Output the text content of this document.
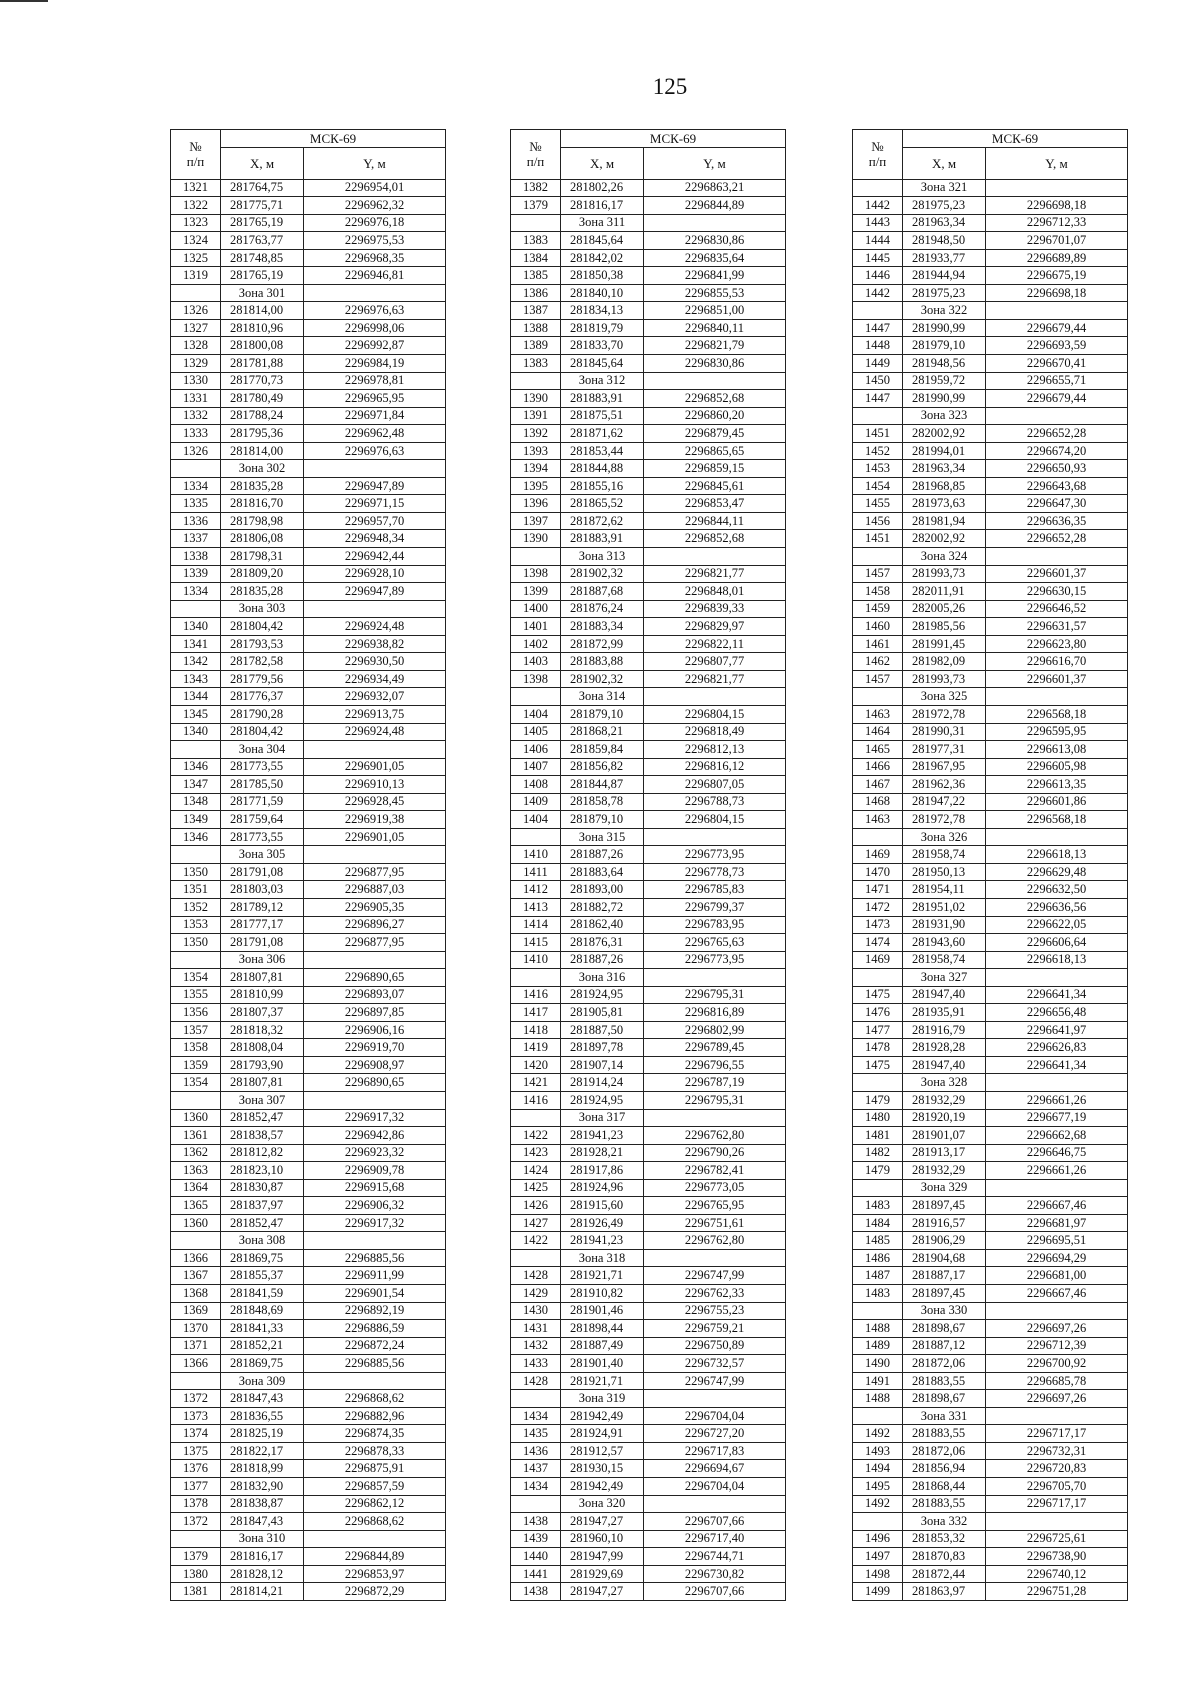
125
№
п/п	МСК-69	
	X, м	Y, м
1321	281764,75	2296954,01
1322	281775,71	2296962,32
1323	281765,19	2296976,18
1324	281763,77	2296975,53
1325	281748,85	2296968,35
1319	281765,19	2296946,81
	Зона 301	
1326	281814,00	2296976,63
1327	281810,96	2296998,06
1328	281800,08	2296992,87
1329	281781,88	2296984,19
1330	281770,73	2296978,81
1331	281780,49	2296965,95
1332	281788,24	2296971,84
1333	281795,36	2296962,48
1326	281814,00	2296976,63
	Зона 302	
1334	281835,28	2296947,89
1335	281816,70	2296971,15
1336	281798,98	2296957,70
1337	281806,08	2296948,34
1338	281798,31	2296942,44
1339	281809,20	2296928,10
1334	281835,28	2296947,89
	Зона 303	
1340	281804,42	2296924,48
1341	281793,53	2296938,82
1342	281782,58	2296930,50
1343	281779,56	2296934,49
1344	281776,37	2296932,07
1345	281790,28	2296913,75
1340	281804,42	2296924,48
	Зона 304	
1346	281773,55	2296901,05
1347	281785,50	2296910,13
1348	281771,59	2296928,45
1349	281759,64	2296919,38
1346	281773,55	2296901,05
	Зона 305	
1350	281791,08	2296877,95
1351	281803,03	2296887,03
1352	281789,12	2296905,35
1353	281777,17	2296896,27
1350	281791,08	2296877,95
	Зона 306	
1354	281807,81	2296890,65
1355	281810,99	2296893,07
1356	281807,37	2296897,85
1357	281818,32	2296906,16
1358	281808,04	2296919,70
1359	281793,90	2296908,97
1354	281807,81	2296890,65
	Зона 307	
1360	281852,47	2296917,32
1361	281838,57	2296942,86
1362	281812,82	2296923,32
1363	281823,10	2296909,78
1364	281830,87	2296915,68
1365	281837,97	2296906,32
1360	281852,47	2296917,32
	Зона 308	
1366	281869,75	2296885,56
1367	281855,37	2296911,99
1368	281841,59	2296901,54
1369	281848,69	2296892,19
1370	281841,33	2296886,59
1371	281852,21	2296872,24
1366	281869,75	2296885,56
	Зона 309	
1372	281847,43	2296868,62
1373	281836,55	2296882,96
1374	281825,19	2296874,35
1375	281822,17	2296878,33
1376	281818,99	2296875,91
1377	281832,90	2296857,59
1378	281838,87	2296862,12
1372	281847,43	2296868,62
	Зона 310	
1379	281816,17	2296844,89
1380	281828,12	2296853,97
1381	281814,21	2296872,29
№
п/п	МСК-69	
	X, м	Y, м
1382	281802,26	2296863,21
1379	281816,17	2296844,89
	Зона 311	
1383	281845,64	2296830,86
1384	281842,02	2296835,64
1385	281850,38	2296841,99
1386	281840,10	2296855,53
1387	281834,13	2296851,00
1388	281819,79	2296840,11
1389	281833,70	2296821,79
1383	281845,64	2296830,86
	Зона 312	
1390	281883,91	2296852,68
1391	281875,51	2296860,20
1392	281871,62	2296879,45
1393	281853,44	2296865,65
1394	281844,88	2296859,15
1395	281855,16	2296845,61
1396	281865,52	2296853,47
1397	281872,62	2296844,11
1390	281883,91	2296852,68
	Зона 313	
1398	281902,32	2296821,77
1399	281887,68	2296848,01
1400	281876,24	2296839,33
1401	281883,34	2296829,97
1402	281872,99	2296822,11
1403	281883,88	2296807,77
1398	281902,32	2296821,77
	Зона 314	
1404	281879,10	2296804,15
1405	281868,21	2296818,49
1406	281859,84	2296812,13
1407	281856,82	2296816,12
1408	281844,87	2296807,05
1409	281858,78	2296788,73
1404	281879,10	2296804,15
	Зона 315	
1410	281887,26	2296773,95
1411	281883,64	2296778,73
1412	281893,00	2296785,83
1413	281882,72	2296799,37
1414	281862,40	2296783,95
1415	281876,31	2296765,63
1410	281887,26	2296773,95
	Зона 316	
1416	281924,95	2296795,31
1417	281905,81	2296816,89
1418	281887,50	2296802,99
1419	281897,78	2296789,45
1420	281907,14	2296796,55
1421	281914,24	2296787,19
1416	281924,95	2296795,31
	Зона 317	
1422	281941,23	2296762,80
1423	281928,21	2296790,26
1424	281917,86	2296782,41
1425	281924,96	2296773,05
1426	281915,60	2296765,95
1427	281926,49	2296751,61
1422	281941,23	2296762,80
	Зона 318	
1428	281921,71	2296747,99
1429	281910,82	2296762,33
1430	281901,46	2296755,23
1431	281898,44	2296759,21
1432	281887,49	2296750,89
1433	281901,40	2296732,57
1428	281921,71	2296747,99
	Зона 319	
1434	281942,49	2296704,04
1435	281924,91	2296727,20
1436	281912,57	2296717,83
1437	281930,15	2296694,67
1434	281942,49	2296704,04
	Зона 320	
1438	281947,27	2296707,66
1439	281960,10	2296717,40
1440	281947,99	2296744,71
1441	281929,69	2296730,82
1438	281947,27	2296707,66
№
п/п	МСК-69	
	X, м	Y, м
	Зона 321	
1442	281975,23	2296698,18
1443	281963,34	2296712,33
1444	281948,50	2296701,07
1445	281933,77	2296689,89
1446	281944,94	2296675,19
1442	281975,23	2296698,18
	Зона 322	
1447	281990,99	2296679,44
1448	281979,10	2296693,59
1449	281948,56	2296670,41
1450	281959,72	2296655,71
1447	281990,99	2296679,44
	Зона 323	
1451	282002,92	2296652,28
1452	281994,01	2296674,20
1453	281963,34	2296650,93
1454	281968,85	2296643,68
1455	281973,63	2296647,30
1456	281981,94	2296636,35
1451	282002,92	2296652,28
	Зона 324	
1457	281993,73	2296601,37
1458	282011,91	2296630,15
1459	282005,26	2296646,52
1460	281985,56	2296631,57
1461	281991,45	2296623,80
1462	281982,09	2296616,70
1457	281993,73	2296601,37
	Зона 325	
1463	281972,78	2296568,18
1464	281990,31	2296595,95
1465	281977,31	2296613,08
1466	281967,95	2296605,98
1467	281962,36	2296613,35
1468	281947,22	2296601,86
1463	281972,78	2296568,18
	Зона 326	
1469	281958,74	2296618,13
1470	281950,13	2296629,48
1471	281954,11	2296632,50
1472	281951,02	2296636,56
1473	281931,90	2296622,05
1474	281943,60	2296606,64
1469	281958,74	2296618,13
	Зона 327	
1475	281947,40	2296641,34
1476	281935,91	2296656,48
1477	281916,79	2296641,97
1478	281928,28	2296626,83
1475	281947,40	2296641,34
	Зона 328	
1479	281932,29	2296661,26
1480	281920,19	2296677,19
1481	281901,07	2296662,68
1482	281913,17	2296646,75
1479	281932,29	2296661,26
	Зона 329	
1483	281897,45	2296667,46
1484	281916,57	2296681,97
1485	281906,29	2296695,51
1486	281904,68	2296694,29
1487	281887,17	2296681,00
1483	281897,45	2296667,46
	Зона 330	
1488	281898,67	2296697,26
1489	281887,12	2296712,39
1490	281872,06	2296700,92
1491	281883,55	2296685,78
1488	281898,67	2296697,26
	Зона 331	
1492	281883,55	2296717,17
1493	281872,06	2296732,31
1494	281856,94	2296720,83
1495	281868,44	2296705,70
1492	281883,55	2296717,17
	Зона 332	
1496	281853,32	2296725,61
1497	281870,83	2296738,90
1498	281872,44	2296740,12
1499	281863,97	2296751,28
